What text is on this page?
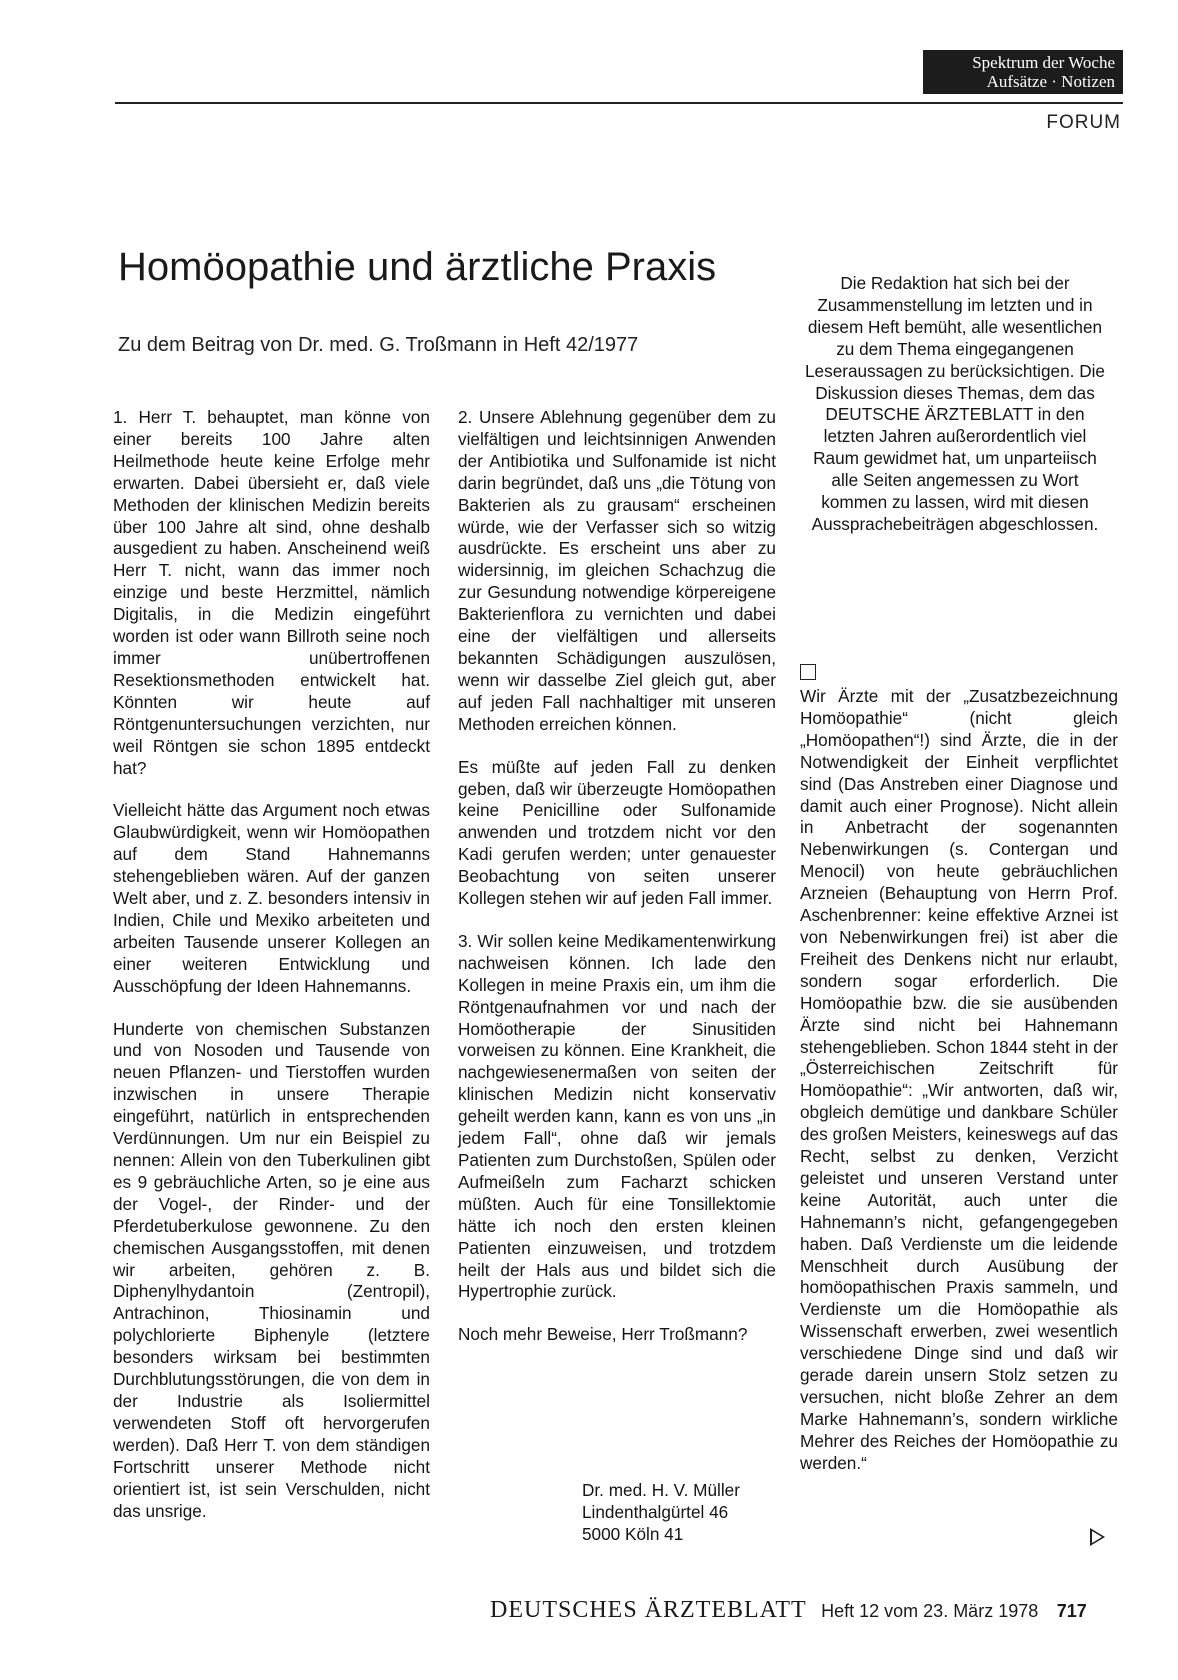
Spektrum der Woche
Aufsätze · Notizen
FORUM
Homöopathie und ärztliche Praxis
Zu dem Beitrag von Dr. med. G. Troßmann in Heft 42/1977
Die Redaktion hat sich bei der Zusammenstellung im letzten und in diesem Heft bemüht, alle wesentlichen zu dem Thema eingegangenen Leseraussagen zu berücksichtigen. Die Diskussion dieses Themas, dem das DEUTSCHE ÄRZTEBLATT in den letzten Jahren außerordentlich viel Raum gewidmet hat, um unparteiisch alle Seiten angemessen zu Wort kommen zu lassen, wird mit diesen Aussprachebeiträgen abgeschlossen.

1. Herr T. behauptet, man könne von einer bereits 100 Jahre alten Heilmethode heute keine Erfolge mehr erwarten. Dabei übersieht er, daß viele Methoden der klinischen Medizin bereits über 100 Jahre alt sind, ohne deshalb ausgedient zu haben. Anscheinend weiß Herr T. nicht, wann das immer noch einzige und beste Herzmittel, nämlich Digitalis, in die Medizin eingeführt worden ist oder wann Billroth seine noch immer unübertroffenen Resektionsmethoden entwickelt hat. Könnten wir heute auf Röntgenuntersuchungen verzichten, nur weil Röntgen sie schon 1895 entdeckt hat?

Vielleicht hätte das Argument noch etwas Glaubwürdigkeit, wenn wir Homöopathen auf dem Stand Hahnemanns stehengeblieben wären. Auf der ganzen Welt aber, und z. Z. besonders intensiv in Indien, Chile und Mexiko arbeiteten und arbeiten Tausende unserer Kollegen an einer weiteren Entwicklung und Ausschöpfung der Ideen Hahnemanns.

Hunderte von chemischen Substanzen und von Nosoden und Tausende von neuen Pflanzen- und Tierstoffen wurden inzwischen in unsere Therapie eingeführt, natürlich in entsprechenden Verdünnungen. Um nur ein Beispiel zu nennen: Allein von den Tuberkulinen gibt es 9 gebräuchliche Arten, so je eine aus der Vogel-, der Rinder- und der Pferdetuberkulose gewonnene. Zu den chemischen Ausgangsstoffen, mit denen wir arbeiten, gehören z. B. Diphenylhydantoin (Zentropil), Antrachinon, Thiosinamin und polychlorierte Biphenyle (letztere besonders wirksam bei bestimmten Durchblutungsstörungen, die von dem in der Industrie als Isoliermittel verwendeten Stoff oft hervorgerufen werden). Daß Herr T. von dem ständigen Fortschritt unserer Methode nicht orientiert ist, ist sein Verschulden, nicht das unsrige.

2. Unsere Ablehnung gegenüber dem zu vielfältigen und leichtsinnigen Anwenden der Antibiotika und Sulfonamide ist nicht darin begründet, daß uns „die Tötung von Bakterien als zu grausam“ erscheinen würde, wie der Verfasser sich so witzig ausdrückte. Es erscheint uns aber zu widersinnig, im gleichen Schachzug die zur Gesundung notwendige körpereigene Bakterienflora zu vernichten und dabei eine der vielfältigen und allerseits bekannten Schädigungen auszulösen, wenn wir dasselbe Ziel gleich gut, aber auf jeden Fall nachhaltiger mit unseren Methoden erreichen können.

Es müßte auf jeden Fall zu denken geben, daß wir überzeugte Homöopathen keine Penicilline oder Sulfonamide anwenden und trotzdem nicht vor den Kadi gerufen werden; unter genauester Beobachtung von seiten unserer Kollegen stehen wir auf jeden Fall immer.

3. Wir sollen keine Medikamentenwirkung nachweisen können. Ich lade den Kollegen in meine Praxis ein, um ihm die Röntgenaufnahmen vor und nach der Homöotherapie der Sinusitiden vorweisen zu können. Eine Krankheit, die nachgewiesenermaßen von seiten der klinischen Medizin nicht konservativ geheilt werden kann, kann es von uns „in jedem Fall“, ohne daß wir jemals Patienten zum Durchstoßen, Spülen oder Aufmeißeln zum Facharzt schicken müßten. Auch für eine Tonsillektomie hätte ich noch den ersten kleinen Patienten einzuweisen, und trotzdem heilt der Hals aus und bildet sich die Hypertrophie zurück.

Noch mehr Beweise, Herr Troßmann?

Dr. med. H. V. Müller
Lindenthalgürtel 46
5000 Köln 41

Wir Ärzte mit der „Zusatzbezeichnung Homöopathie“ (nicht gleich „Homöopathen“!) sind Ärzte, die in der Notwendigkeit der Einheit verpflichtet sind (Das Anstreben einer Diagnose und damit auch einer Prognose). Nicht allein in Anbetracht der sogenannten Nebenwirkungen (s. Contergan und Menocil) von heute gebräuchlichen Arzneien (Behauptung von Herrn Prof. Aschenbrenner: keine effektive Arznei ist von Nebenwirkungen frei) ist aber die Freiheit des Denkens nicht nur erlaubt, sondern sogar erforderlich. Die Homöopathie bzw. die sie ausübenden Ärzte sind nicht bei Hahnemann stehengeblieben. Schon 1844 steht in der „Österreichischen Zeitschrift für Homöopathie“: „Wir antworten, daß wir, obgleich demütige und dankbare Schüler des großen Meisters, keineswegs auf das Recht, selbst zu denken, Verzicht geleistet und unseren Verstand unter keine Autorität, auch unter die Hahnemann’s nicht, gefangengegeben haben. Daß Verdienste um die leidende Menschheit durch Ausübung der homöopathischen Praxis sammeln, und Verdienste um die Homöopathie als Wissenschaft erwerben, zwei wesentlich verschiedene Dinge sind und daß wir gerade darein unsern Stolz setzen zu versuchen, nicht bloße Zehrer an dem Marke Hahnemann’s, sondern wirkliche Mehrer des Reiches der Homöopathie zu werden.“

DEUTSCHES ÄRZTEBLATT Heft 12 vom 23. März 1978 717
